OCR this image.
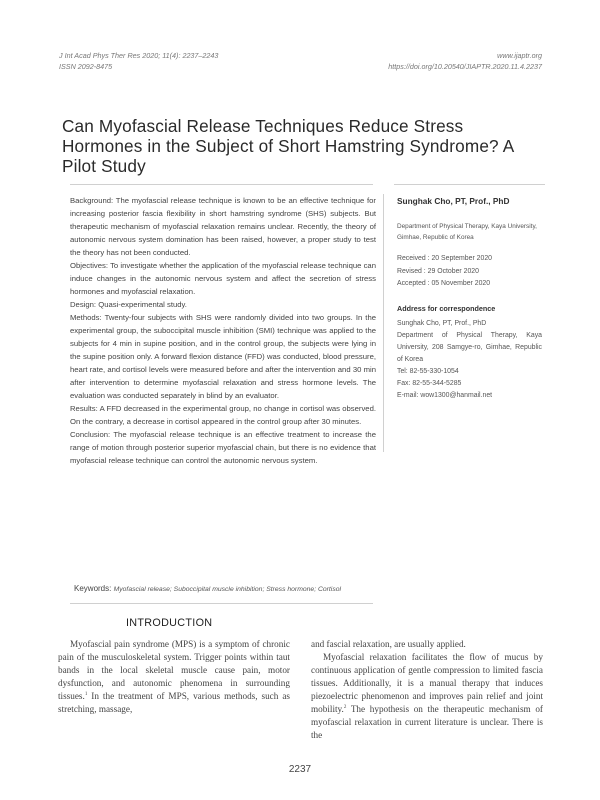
J Int Acad Phys Ther Res 2020; 11(4): 2237–2243
ISSN 2092-8475
www.ijaptr.org
https://doi.org/10.20540/JIAPTR.2020.11.4.2237
Can Myofascial Release Techniques Reduce Stress
Hormones in the Subject of Short Hamstring Syndrome? A
Pilot Study

Background: The myofascial release technique is known to be an effective technique for increasing posterior fascia flexibility in short hamstring syndrome (SHS) subjects. But therapeutic mechanism of myofascial relaxation remains unclear. Recently, the theory of autonomic nervous system domination has been raised, however, a proper study to test the theory has not been conducted.

Objectives: To investigate whether the application of the myofascial release technique can induce changes in the autonomic nervous system and affect the secretion of stress hormones and myofascial relaxation.

Design: Quasi-experimental study.

Methods: Twenty-four subjects with SHS were randomly divided into two groups. In the experimental group, the suboccipital muscle inhibition (SMI) technique was applied to the subjects for 4 min in supine position, and in the control group, the subjects were lying in the supine position only. A forward flexion distance (FFD) was conducted, blood pressure, heart rate, and cortisol levels were measured before and after the intervention and 30 min after intervention to determine myofascial relaxation and stress hormone levels. The evaluation was conducted separately in blind by an evaluator.

Results: A FFD decreased in the experimental group, no change in cortisol was observed. On the contrary, a decrease in cortisol appeared in the control group after 30 minutes.

Conclusion: The myofascial release technique is an effective treatment to increase the range of motion through posterior superior myofascial chain, but there is no evidence that myofascial release technique can control the autonomic nervous system.

Sunghak Cho, PT, Prof., PhD
Department of Physical Therapy, Kaya University, Gimhae, Republic of Korea
Received : 20 September 2020
Revised : 29 October 2020
Accepted : 05 November 2020
Address for correspondence
Sunghak Cho, PT, Prof., PhD
Department of Physical Therapy, Kaya University, 208 Samgye-ro, Gimhae, Republic of Korea
Tel: 82-55-330-1054
Fax: 82-55-344-5285
E-mail: wow1300@hanmail.net
Keywords: Myofascial release; Suboccipital muscle inhibition; Stress hormone; Cortisol
INTRODUCTION

Myofascial pain syndrome (MPS) is a symptom of chronic pain of the musculoskeletal system. Trigger points within taut bands in the local skeletal muscle cause pain, motor dysfunction, and autonomic phenomena in surrounding tissues.$^1$ In the treatment of MPS, various methods, such as stretching, massage,

and fascial relaxation, are usually applied.

Myofascial relaxation facilitates the flow of mucus by continuous application of gentle compression to limited fascia tissues. Additionally, it is a manual therapy that induces piezoelectric phenomenon and improves pain relief and joint mobility.$^2$ The hypothesis on the therapeutic mechanism of myofascial relaxation in current literature is unclear. There is the

2237
